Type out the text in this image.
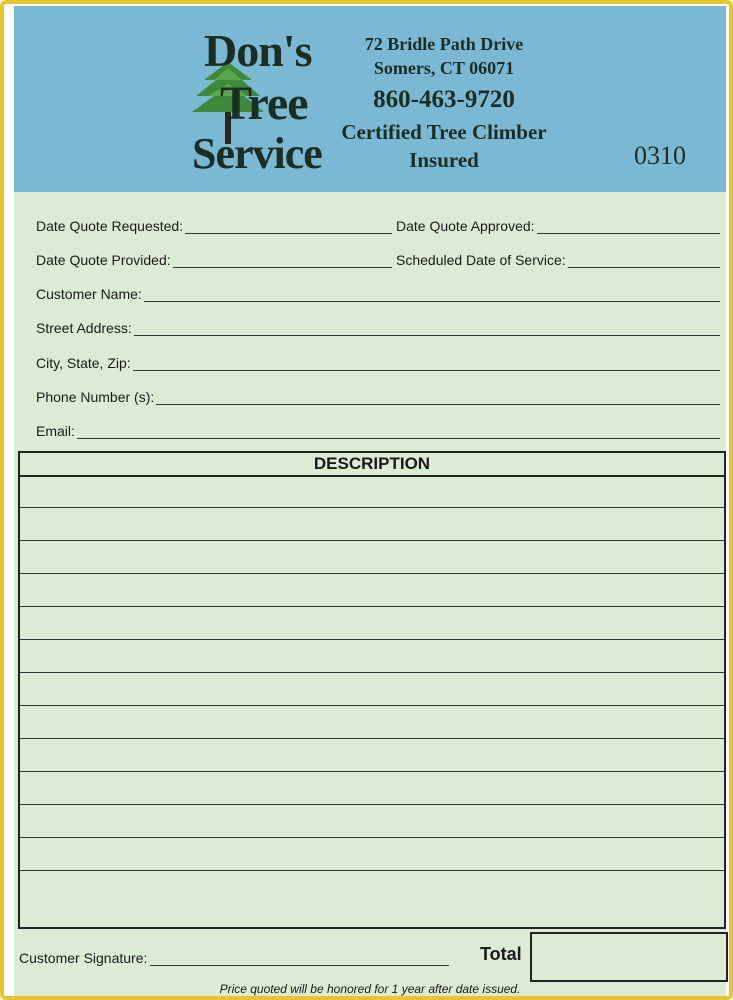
Don's
Tree
Service
72 Bridle Path Drive
Somers, CT 06071
860-463-9720
Certified Tree Climber
Insured	0310
Date Quote Requested:	Date Quote Approved:
Date Quote Provided:	Scheduled Date of Service:
Customer Name:
Street Address:
City, State, Zip:
Phone Number (s):
Email:
DESCRIPTION
Customer Signature:	Total
Price quoted will be honored for 1 year after date issued.
